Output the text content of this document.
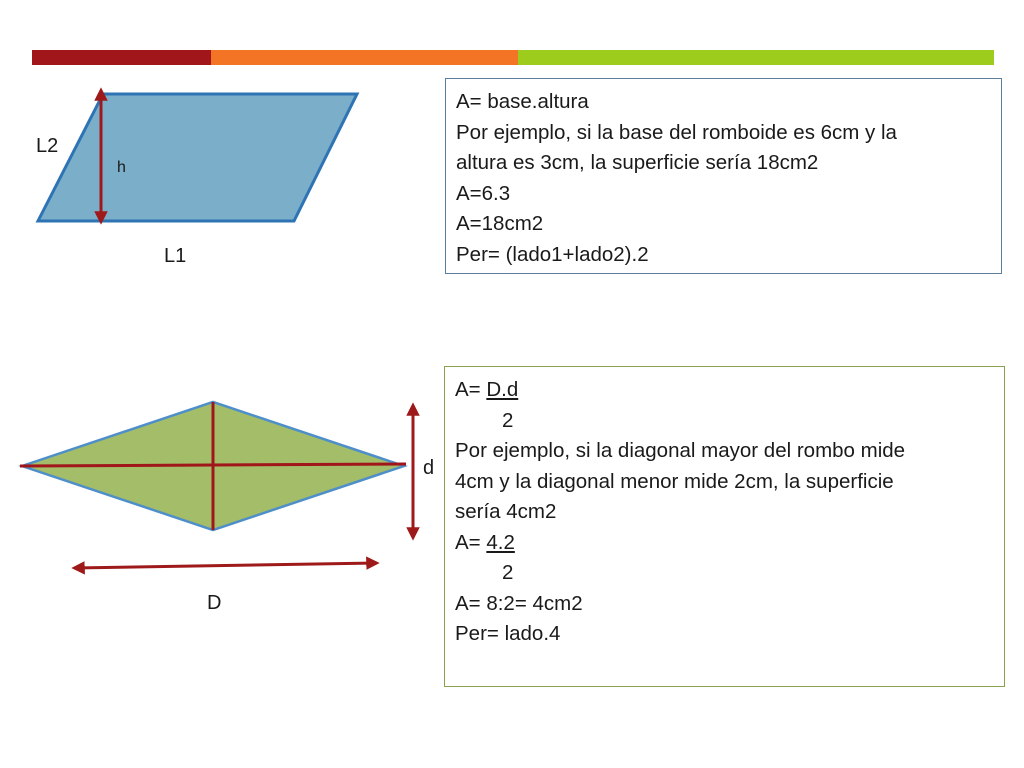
L2
h
L1
d
D
A= base.altura
Por ejemplo, si la base del romboide es 6cm y la
altura es 3cm, la superficie sería 18cm2
A=6.3
A=18cm2
Per= (lado1+lado2).2
A= D.d
2
Por ejemplo, si la diagonal mayor del rombo mide
4cm y la diagonal menor mide 2cm, la superficie
sería 4cm2
A= 4.2
2
A= 8:2= 4cm2
Per= lado.4
